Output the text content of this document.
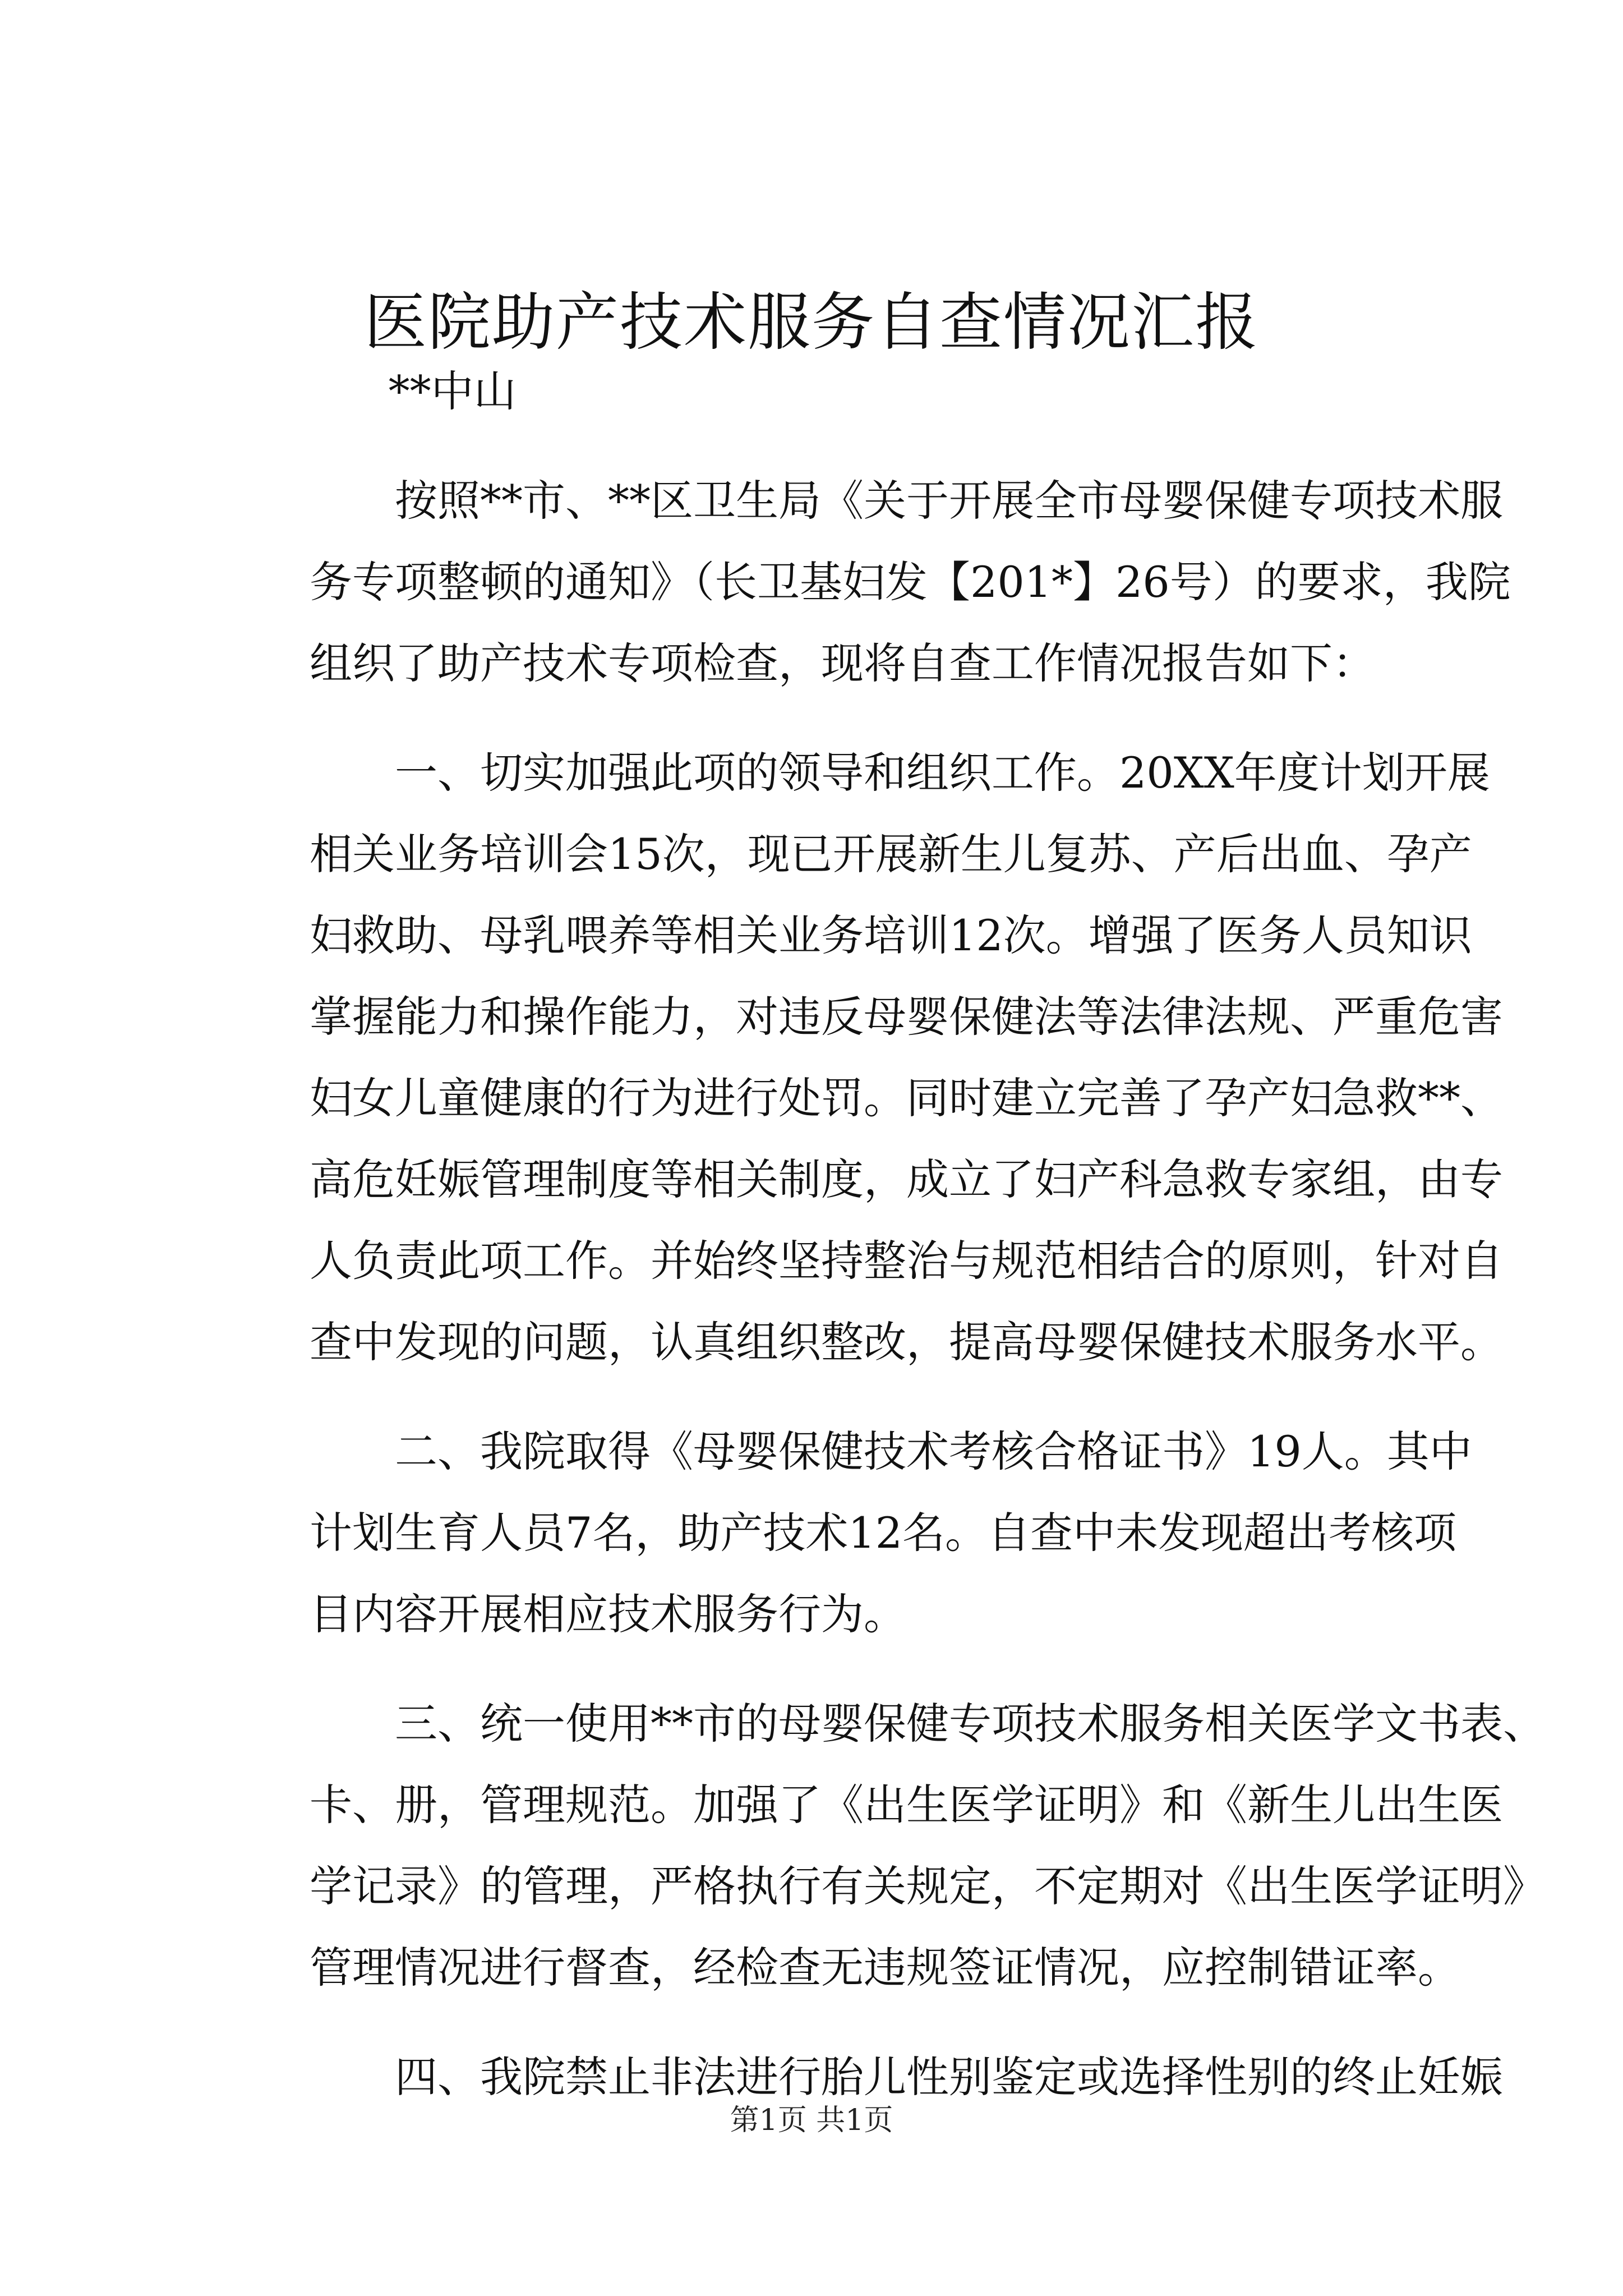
医院助产技术服务自查情况汇报
**中山
按照**市、**区卫生局《关于开展全市母婴保健专项技术服
务专项整顿的通知》（长卫基妇发【201*】26号）的要求，我院
组织了助产技术专项检查，现将自查工作情况报告如下：
一、切实加强此项的领导和组织工作。20XX年度计划开展
相关业务培训会15次，现已开展新生儿复苏、产后出血、孕产
妇救助、母乳喂养等相关业务培训12次。增强了医务人员知识
掌握能力和操作能力，对违反母婴保健法等法律法规、严重危害
妇女儿童健康的行为进行处罚。同时建立完善了孕产妇急救**、
高危妊娠管理制度等相关制度，成立了妇产科急救专家组，由专
人负责此项工作。并始终坚持整治与规范相结合的原则，针对自
查中发现的问题，认真组织整改，提高母婴保健技术服务水平。
二、我院取得《母婴保健技术考核合格证书》19人。其中
计划生育人员7名，助产技术12名。自查中未发现超出考核项
目内容开展相应技术服务行为。
三、统一使用**市的母婴保健专项技术服务相关医学文书表、
卡、册，管理规范。加强了《出生医学证明》和《新生儿出生医
学记录》的管理，严格执行有关规定，不定期对《出生医学证明》
管理情况进行督查，经检查无违规签证情况，应控制错证率。
四、我院禁止非法进行胎儿性别鉴定或选择性别的终止妊娠
第1页 共1页
